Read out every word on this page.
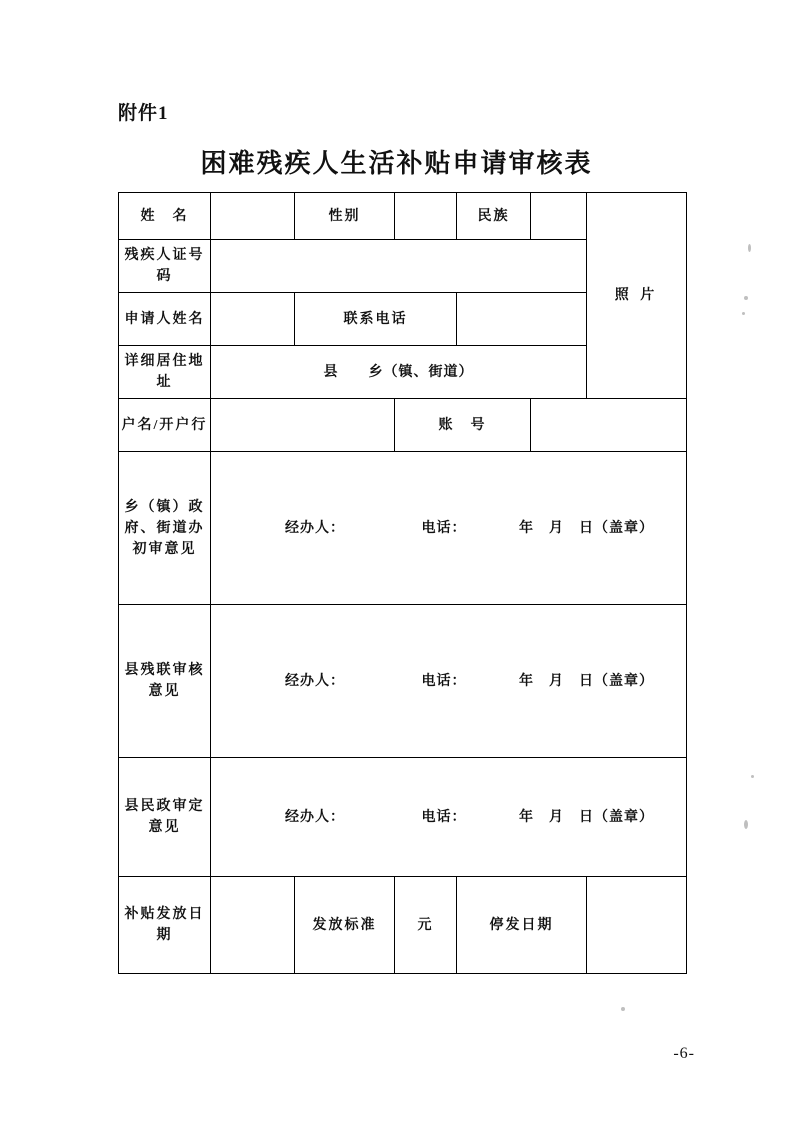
附件1
困难残疾人生活补贴申请审核表
姓　名		性别		民族		照 片
残疾人证号码						
申请人姓名		联系电话				
详细居住地址	县　　乡（镇、街道）					
户名/开户行			账　号			
乡（镇）政府、街道办初审意见	经办人： 电话： 年　月　日（盖章）					

县残联审核意见	经办人： 电话： 年　月　日（盖章）					

县民政审定意见	经办人： 电话： 年　月　日（盖章）					

补贴发放日期		发放标准	元	停发日期		
-6-
